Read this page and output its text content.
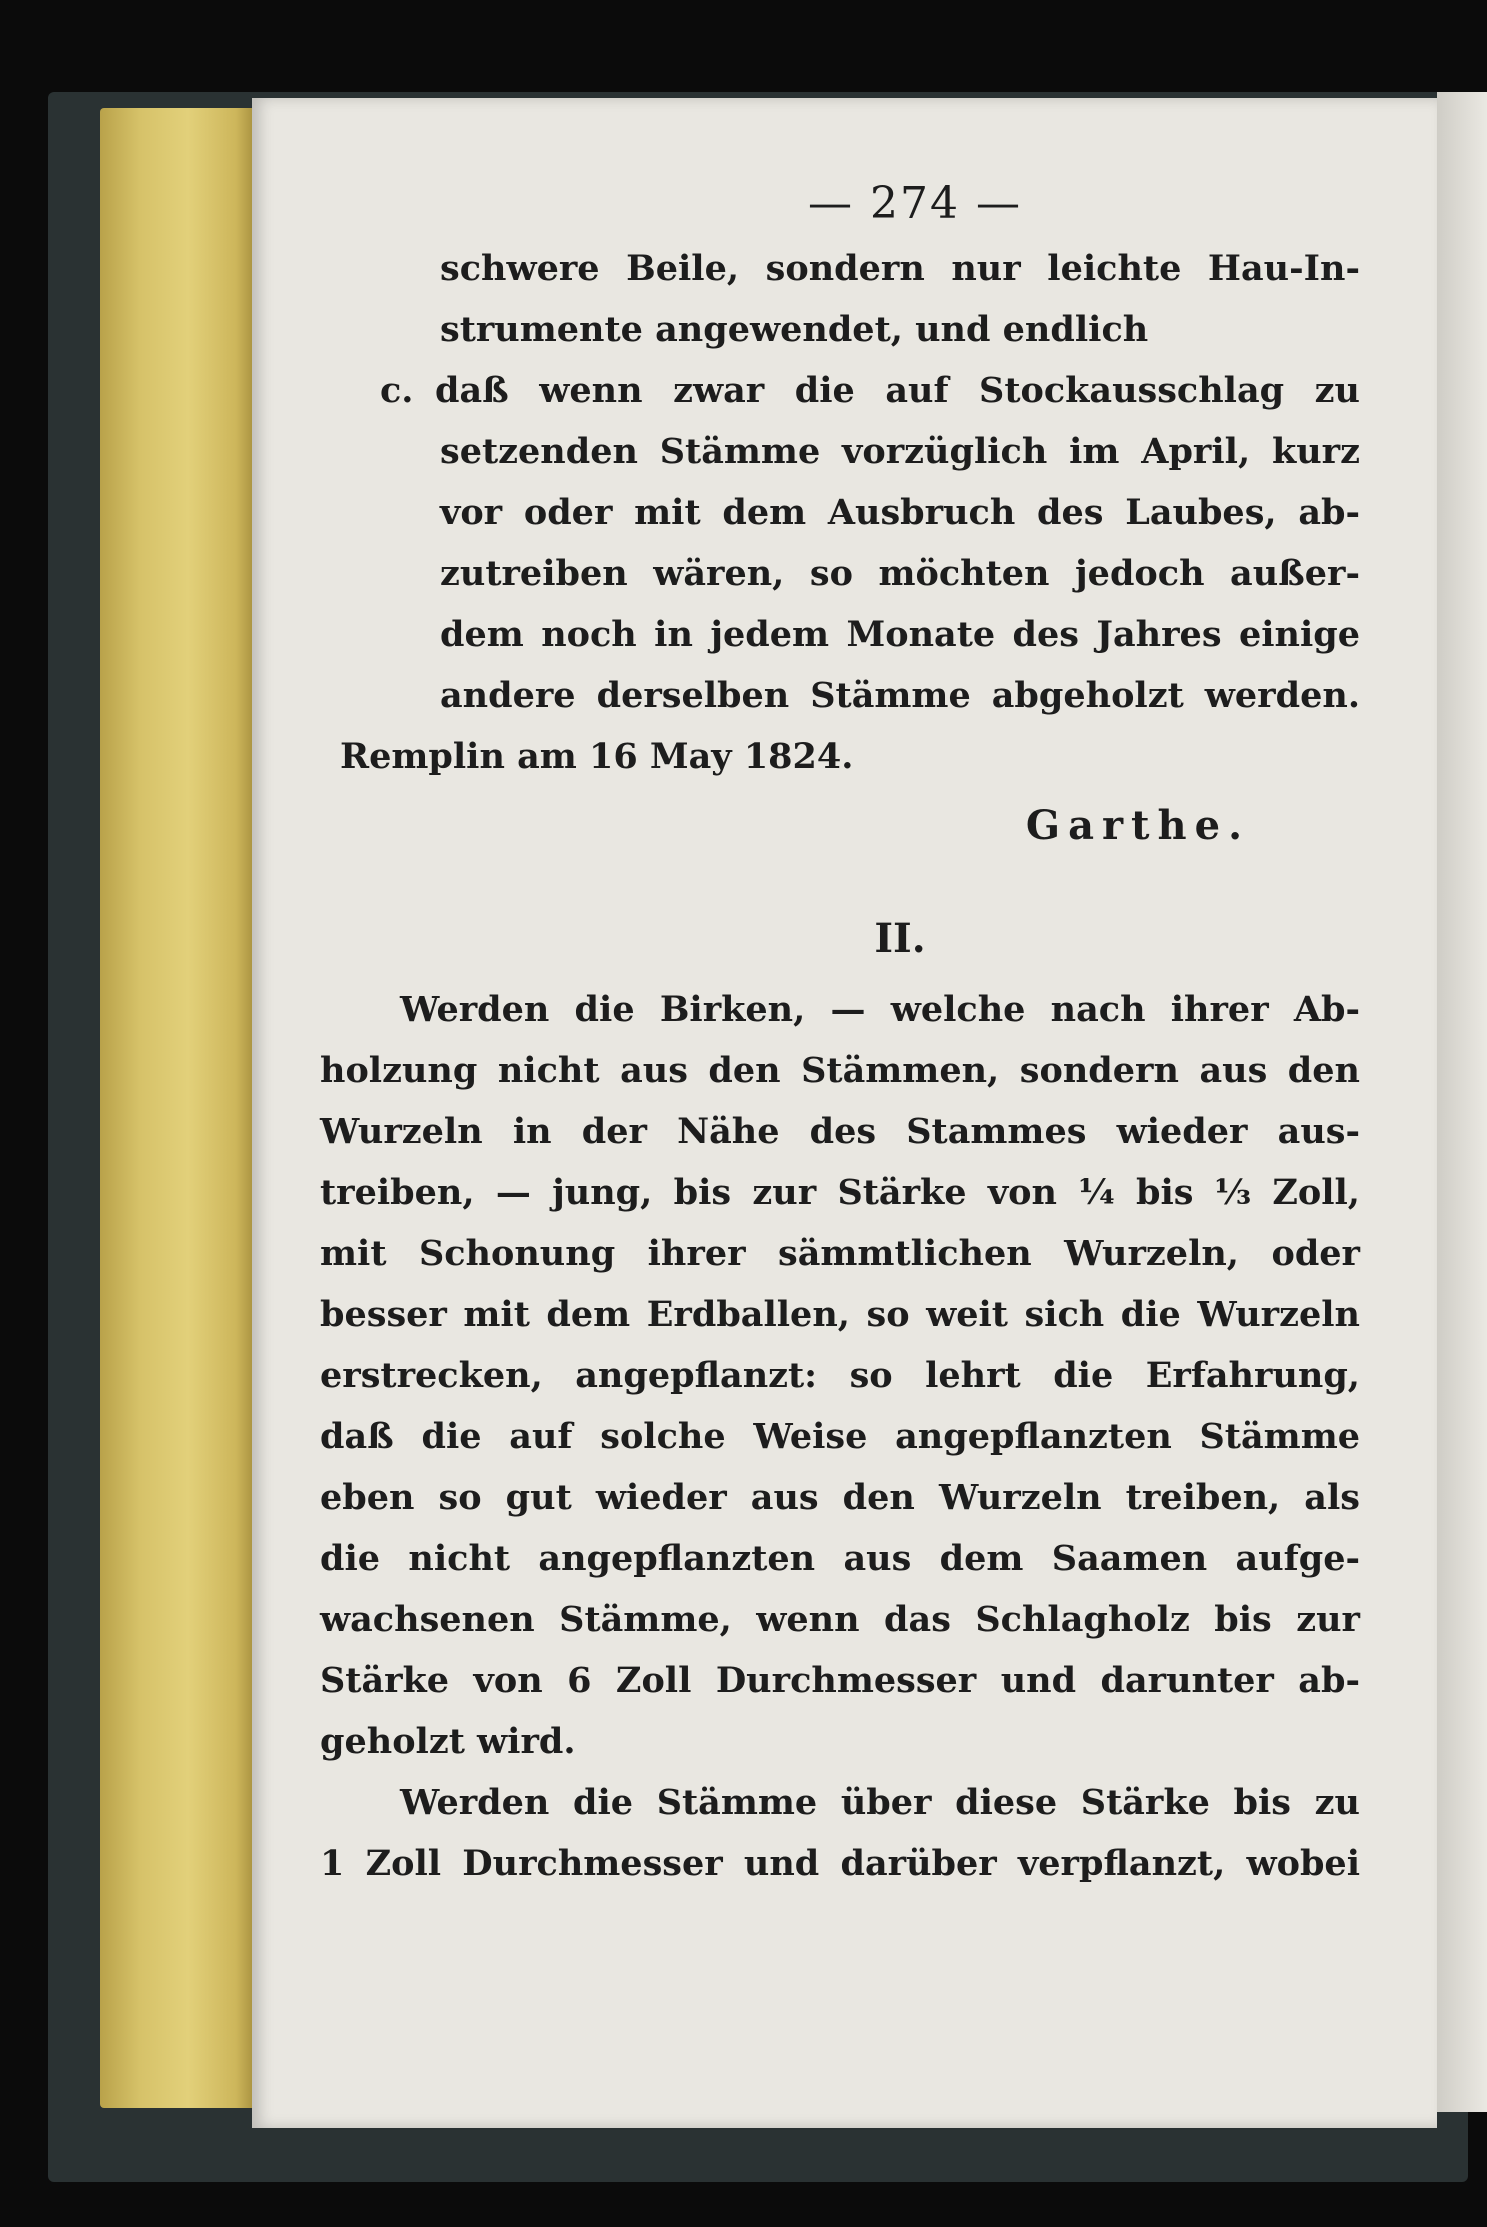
— 274 —
schwere Beile, sondern nur leichte Hau-In-
strumente angewendet, und endlich
c. daß wenn zwar die auf Stockausschlag zu
setzenden Stämme vorzüglich im April, kurz
vor oder mit dem Ausbruch des Laubes, ab-
zutreiben wären, so möchten jedoch außer-
dem noch in jedem Monate des Jahres einige
andere derselben Stämme abgeholzt werden.
Remplin am 16 May 1824.
Garthe.
II.
Werden die Birken, — welche nach ihrer Ab-
holzung nicht aus den Stämmen, sondern aus den
Wurzeln in der Nähe des Stammes wieder aus-
treiben, — jung, bis zur Stärke von ¼ bis ⅓ Zoll,
mit Schonung ihrer sämmtlichen Wurzeln, oder
besser mit dem Erdballen, so weit sich die Wurzeln
erstrecken, angepflanzt: so lehrt die Erfahrung,
daß die auf solche Weise angepflanzten Stämme
eben so gut wieder aus den Wurzeln treiben, als
die nicht angepflanzten aus dem Saamen aufge-
wachsenen Stämme, wenn das Schlagholz bis zur
Stärke von 6 Zoll Durchmesser und darunter ab-
geholzt wird.
Werden die Stämme über diese Stärke bis zu
1 Zoll Durchmesser und darüber verpflanzt, wobei
